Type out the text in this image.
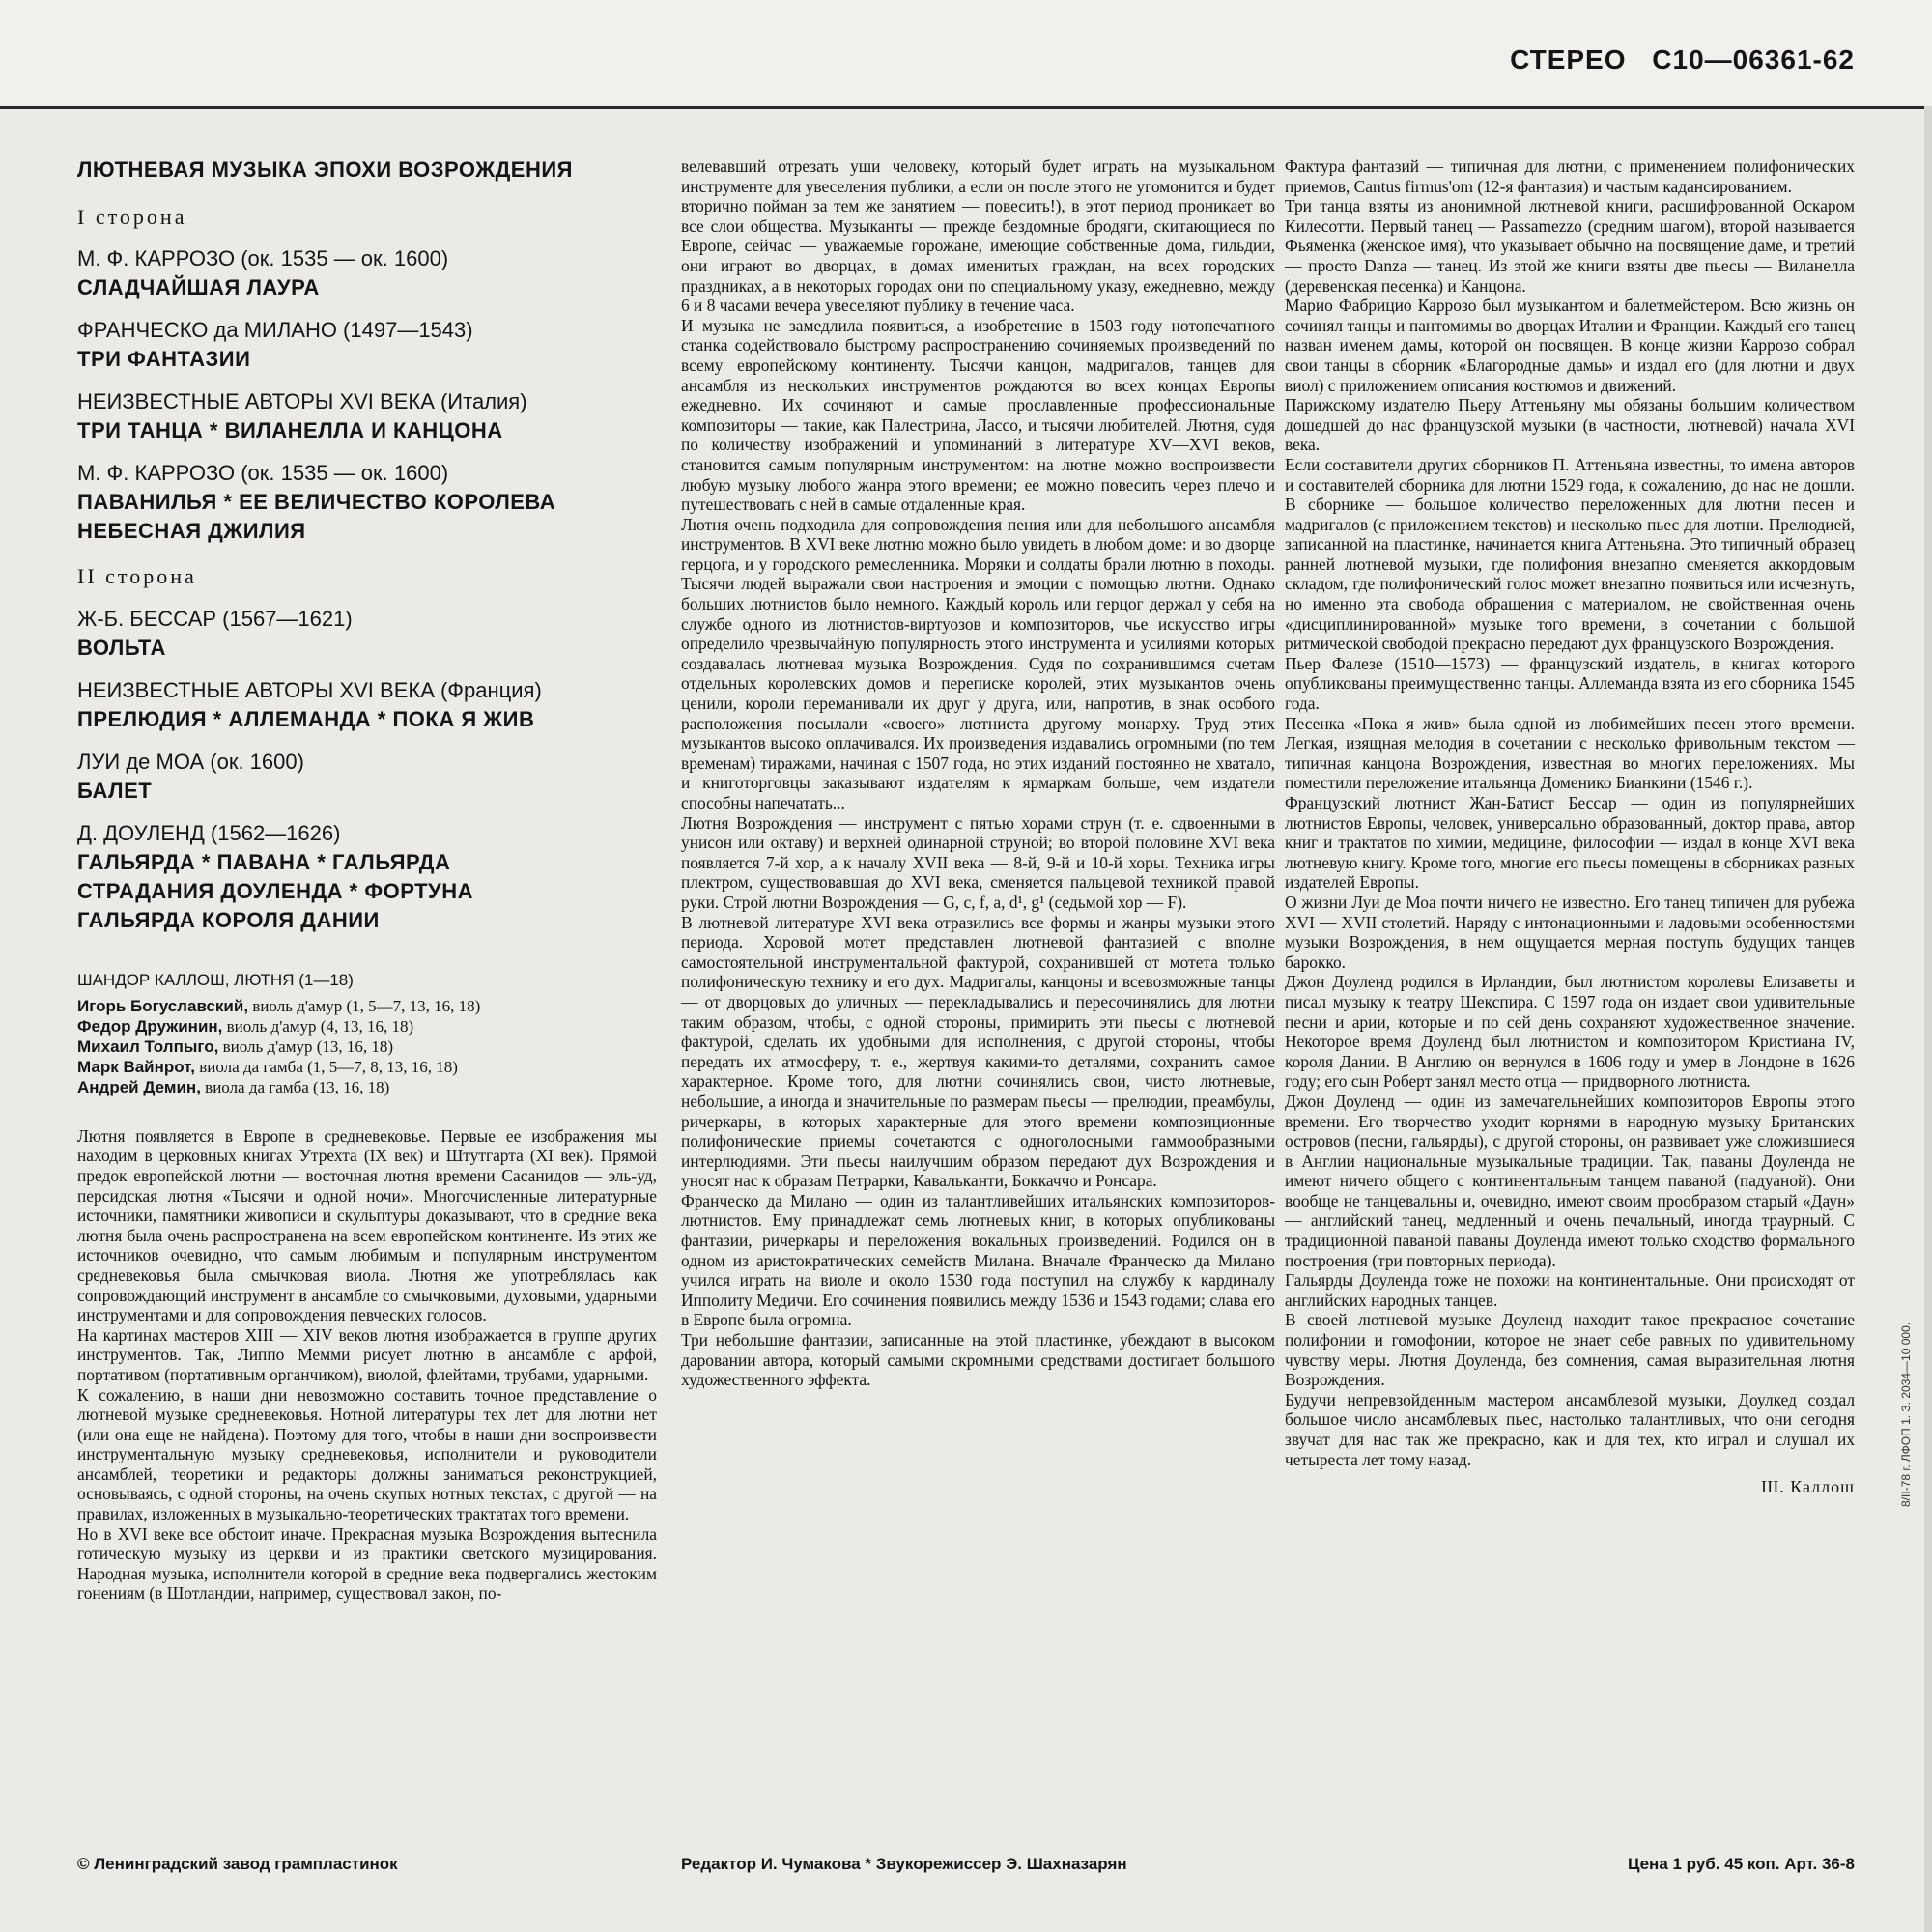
СТЕРЕО С10—06361-62
ЛЮТНЕВАЯ МУЗЫКА ЭПОХИ ВОЗРОЖДЕНИЯ
I сторона

М. Ф. КАРРОЗО (ок. 1535 — ок. 1600)

СЛАДЧАЙШАЯ ЛАУРА

ФРАНЧЕСКО да МИЛАНО (1497—1543)

ТРИ ФАНТАЗИИ

НЕИЗВЕСТНЫЕ АВТОРЫ XVI ВЕКА (Италия)

ТРИ ТАНЦА * ВИЛАНЕЛЛА И КАНЦОНА

М. Ф. КАРРОЗО (ок. 1535 — ок. 1600)

ПАВАНИЛЬЯ * ЕЕ ВЕЛИЧЕСТВО КОРОЛЕВА

НЕБЕСНАЯ ДЖИЛИЯ

II сторона

Ж-Б. БЕССАР (1567—1621)

ВОЛЬТА

НЕИЗВЕСТНЫЕ АВТОРЫ XVI ВЕКА (Франция)

ПРЕЛЮДИЯ * АЛЛЕМАНДА * ПОКА Я ЖИВ

ЛУИ де МОА (ок. 1600)

БАЛЕТ

Д. ДОУЛЕНД (1562—1626)

ГАЛЬЯРДА * ПАВАНА * ГАЛЬЯРДА

СТРАДАНИЯ ДОУЛЕНДА * ФОРТУНА

ГАЛЬЯРДА КОРОЛЯ ДАНИИ

ШАНДОР КАЛЛОШ, ЛЮТНЯ (1—18)

Игорь Богуславский, виоль д'амур (1, 5—7, 13, 16, 18)

Федор Дружинин, виоль д'амур (4, 13, 16, 18)

Михаил Толпыго, виоль д'амур (13, 16, 18)

Марк Вайнрот, виола да гамба (1, 5—7, 8, 13, 16, 18)

Андрей Демин, виола да гамба (13, 16, 18)

Лютня появляется в Европе в средневековье. Первые ее изображения мы находим в церковных книгах Утрехта (IX век) и Штутгарта (XI век). Прямой предок европейской лютни — восточная лютня времени Сасанидов — эль-уд, персидская лютня «Тысячи и одной ночи». Многочисленные литературные источники, памятники живописи и скульптуры доказывают, что в средние века лютня была очень распространена на всем европейском континенте. Из этих же источников очевидно, что самым любимым и популярным инструментом средневековья была смычковая виола. Лютня же употреблялась как сопровождающий инструмент в ансамбле со смычковыми, духовыми, ударными инструментами и для сопровождения певческих голосов.

На картинах мастеров XIII — XIV веков лютня изображается в группе других инструментов. Так, Липпо Мемми рисует лютню в ансамбле с арфой, портативом (портативным органчиком), виолой, флейтами, трубами, ударными.

К сожалению, в наши дни невозможно составить точное представление о лютневой музыке средневековья. Нотной литературы тех лет для лютни нет (или она еще не найдена). Поэтому для того, чтобы в наши дни воспроизвести инструментальную музыку средневековья, исполнители и руководители ансамблей, теоретики и редакторы должны заниматься реконструкцией, основываясь, с одной стороны, на очень скупых нотных текстах, с другой — на правилах, изложенных в музыкально-теоретических трактатах того времени.

Но в XVI веке все обстоит иначе. Прекрасная музыка Возрождения вытеснила готическую музыку из церкви и из практики светского музицирования. Народная музыка, исполнители которой в средние века подвергались жестоким гонениям (в Шотландии, например, существовал закон, по-

велевавший отрезать уши человеку, который будет играть на музыкальном инструменте для увеселения публики, а если он после этого не угомонится и будет вторично пойман за тем же занятием — повесить!), в этот период проникает во все слои общества. Музыканты — прежде бездомные бродяги, скитающиеся по Европе, сейчас — уважаемые горожане, имеющие собственные дома, гильдии, они играют во дворцах, в домах именитых граждан, на всех городских праздниках, а в некоторых городах они по специальному указу, ежедневно, между 6 и 8 часами вечера увеселяют публику в течение часа.

И музыка не замедлила появиться, а изобретение в 1503 году нотопечатного станка содействовало быстрому распространению сочиняемых произведений по всему европейскому континенту. Тысячи канцон, мадригалов, танцев для ансамбля из нескольких инструментов рождаются во всех концах Европы ежедневно. Их сочиняют и самые прославленные профессиональные композиторы — такие, как Палестрина, Лассо, и тысячи любителей. Лютня, судя по количеству изображений и упоминаний в литературе XV—XVI веков, становится самым популярным инструментом: на лютне можно воспроизвести любую музыку любого жанра этого времени; ее можно повесить через плечо и путешествовать с ней в самые отдаленные края.

Лютня очень подходила для сопровождения пения или для небольшого ансамбля инструментов. В XVI веке лютню можно было увидеть в любом доме: и во дворце герцога, и у городского ремесленника. Моряки и солдаты брали лютню в походы. Тысячи людей выражали свои настроения и эмоции с помощью лютни. Однако больших лютнистов было немного. Каждый король или герцог держал у себя на службе одного из лютнистов-виртуозов и композиторов, чье искусство игры определило чрезвычайную популярность этого инструмента и усилиями которых создавалась лютневая музыка Возрождения. Судя по сохранившимся счетам отдельных королевских домов и переписке королей, этих музыкантов очень ценили, короли переманивали их друг у друга, или, напротив, в знак особого расположения посылали «своего» лютниста другому монарху. Труд этих музыкантов высоко оплачивался. Их произведения издавались огромными (по тем временам) тиражами, начиная с 1507 года, но этих изданий постоянно не хватало, и книготорговцы заказывают издателям к ярмаркам больше, чем издатели способны напечатать...

Лютня Возрождения — инструмент с пятью хорами струн (т. е. сдвоенными в унисон или октаву) и верхней одинарной струной; во второй половине XVI века появляется 7-й хор, а к началу XVII века — 8-й, 9-й и 10-й хоры. Техника игры плектром, существовавшая до XVI века, сменяется пальцевой техникой правой руки. Строй лютни Возрождения — G, c, f, a, d¹, g¹ (седьмой хор — F).

В лютневой литературе XVI века отразились все формы и жанры музыки этого периода. Хоровой мотет представлен лютневой фантазией с вполне самостоятельной инструментальной фактурой, сохранившей от мотета только полифоническую технику и его дух. Мадригалы, канцоны и всевозможные танцы — от дворцовых до уличных — перекладывались и пересочинялись для лютни таким образом, чтобы, с одной стороны, примирить эти пьесы с лютневой фактурой, сделать их удобными для исполнения, с другой стороны, чтобы передать их атмосферу, т. е., жертвуя какими-то деталями, сохранить самое характерное. Кроме того, для лютни сочинялись свои, чисто лютневые, небольшие, а иногда и значительные по размерам пьесы — прелюдии, преамбулы, ричеркары, в которых характерные для этого времени композиционные полифонические приемы сочетаются с одноголосными гаммообразными интерлюдиями. Эти пьесы наилучшим образом передают дух Возрождения и уносят нас к образам Петрарки, Кавальканти, Боккаччо и Ронсара.

Франческо да Милано — один из талантливейших итальянских композиторов-лютнистов. Ему принадлежат семь лютневых книг, в которых опубликованы фантазии, ричеркары и переложения вокальных произведений. Родился он в одном из аристократических семейств Милана. Вначале Франческо да Милано учился играть на виоле и около 1530 года поступил на службу к кардиналу Ипполиту Медичи. Его сочинения появились между 1536 и 1543 годами; слава его в Европе была огромна.

Три небольшие фантазии, записанные на этой пластинке, убеждают в высоком даровании автора, который самыми скромными средствами достигает большого художественного эффекта.

Фактура фантазий — типичная для лютни, с применением полифонических приемов, Cantus firmus'om (12-я фантазия) и частым кадансированием.

Три танца взяты из анонимной лютневой книги, расшифрованной Оскаром Килесотти. Первый танец — Passamezzo (средним шагом), второй называется Фьяменка (женское имя), что указывает обычно на посвящение даме, и третий — просто Danza — танец. Из этой же книги взяты две пьесы — Виланелла (деревенская песенка) и Канцона.

Марио Фабрицио Каррозо был музыкантом и балетмейстером. Всю жизнь он сочинял танцы и пантомимы во дворцах Италии и Франции. Каждый его танец назван именем дамы, которой он посвящен. В конце жизни Каррозо собрал свои танцы в сборник «Благородные дамы» и издал его (для лютни и двух виол) с приложением описания костюмов и движений.

Парижскому издателю Пьеру Аттеньяну мы обязаны большим количеством дошедшей до нас французской музыки (в частности, лютневой) начала XVI века.

Если составители других сборников П. Аттеньяна известны, то имена авторов и составителей сборника для лютни 1529 года, к сожалению, до нас не дошли. В сборнике — большое количество переложенных для лютни песен и мадригалов (с приложением текстов) и несколько пьес для лютни. Прелюдией, записанной на пластинке, начинается книга Аттеньяна. Это типичный образец ранней лютневой музыки, где полифония внезапно сменяется аккордовым складом, где полифонический голос может внезапно появиться или исчезнуть, но именно эта свобода обращения с материалом, не свойственная очень «дисциплинированной» музыке того времени, в сочетании с большой ритмической свободой прекрасно передают дух французского Возрождения.

Пьер Фалезе (1510—1573) — французский издатель, в книгах которого опубликованы преимущественно танцы. Аллеманда взята из его сборника 1545 года.

Песенка «Пока я жив» была одной из любимейших песен этого времени. Легкая, изящная мелодия в сочетании с несколько фривольным текстом — типичная канцона Возрождения, известная во многих переложениях. Мы поместили переложение итальянца Доменико Бианкини (1546 г.).

Французский лютнист Жан-Батист Бессар — один из популярнейших лютнистов Европы, человек, универсально образованный, доктор права, автор книг и трактатов по химии, медицине, философии — издал в конце XVI века лютневую книгу. Кроме того, многие его пьесы помещены в сборниках разных издателей Европы.

О жизни Луи де Моа почти ничего не известно. Его танец типичен для рубежа XVI — XVII столетий. Наряду с интонационными и ладовыми особенностями музыки Возрождения, в нем ощущается мерная поступь будущих танцев барокко.

Джон Доуленд родился в Ирландии, был лютнистом королевы Елизаветы и писал музыку к театру Шекспира. С 1597 года он издает свои удивительные песни и арии, которые и по сей день сохраняют художественное значение. Некоторое время Доуленд был лютнистом и композитором Кристиана IV, короля Дании. В Англию он вернулся в 1606 году и умер в Лондоне в 1626 году; его сын Роберт занял место отца — придворного лютниста.

Джон Доуленд — один из замечательнейших композиторов Европы этого времени. Его творчество уходит корнями в народную музыку Британских островов (песни, гальярды), с другой стороны, он развивает уже сложившиеся в Англии национальные музыкальные традиции. Так, паваны Доуленда не имеют ничего общего с континентальным танцем паваной (падуаной). Они вообще не танцевальны и, очевидно, имеют своим прообразом старый «Даун» — английский танец, медленный и очень печальный, иногда траурный. С традиционной паваной паваны Доуленда имеют только сходство формального построения (три повторных периода).

Гальярды Доуленда тоже не похожи на континентальные. Они происходят от английских народных танцев.

В своей лютневой музыке Доуленд находит такое прекрасное сочетание полифонии и гомофонии, которое не знает себе равных по удивительному чувству меры. Лютня Доуленда, без сомнения, самая выразительная лютня Возрождения.

Будучи непревзойденным мастером ансамблевой музыки, Доулкед создал большое число ансамблевых пьес, настолько талантливых, что они сегодня звучат для нас так же прекрасно, как и для тех, кто играл и слушал их четыреста лет тому назад.

Ш. Каллош
© Ленинградский завод грампластинок	Редактор И. Чумакова * Звукорежиссер Э. Шахназарян	Цена 1 руб. 45 коп. Арт. 36-8
8/II-78 г. ЛФОП 1. З. 2034—10 000.
